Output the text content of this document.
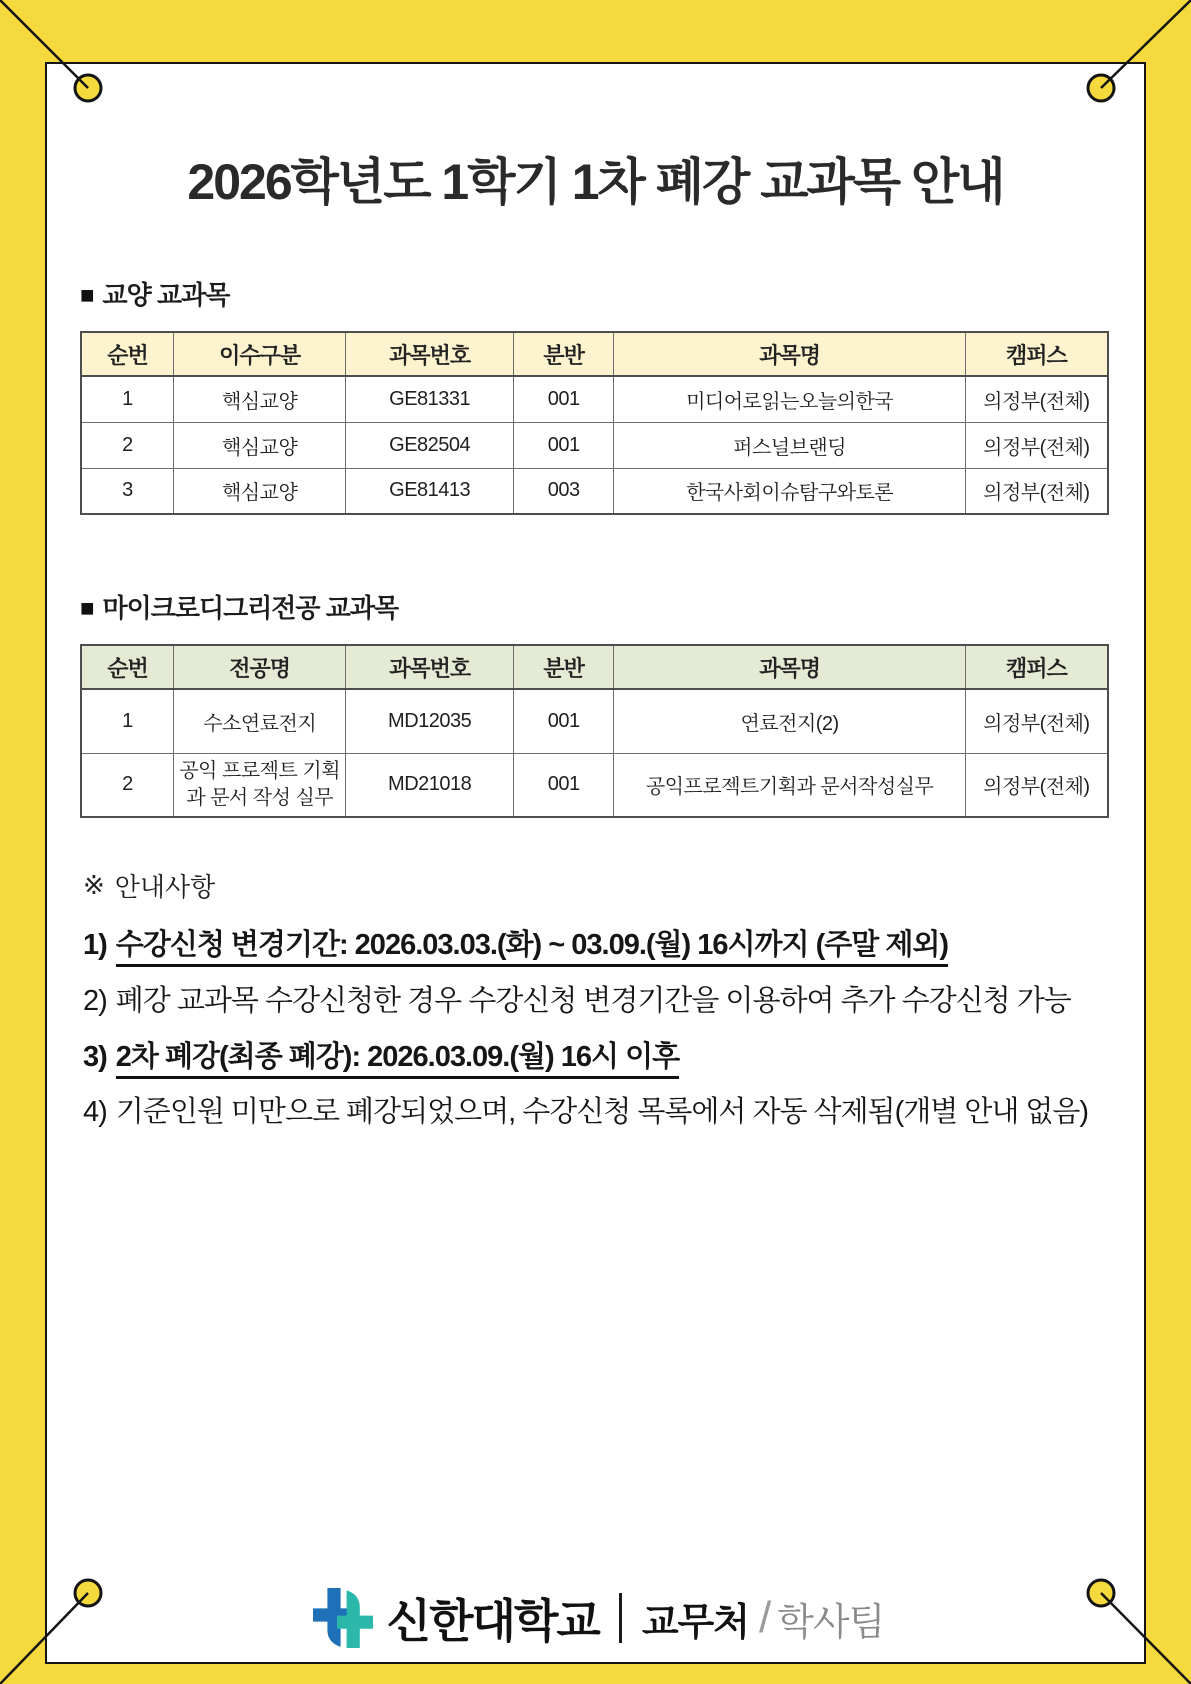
2026학년도 1학기 1차 폐강 교과목 안내
■ 교양 교과목
순번	이수구분	과목번호	분반	과목명	캠퍼스
1	핵심교양	GE81331	001	미디어로읽는오늘의한국	의정부(전체)
2	핵심교양	GE82504	001	퍼스널브랜딩	의정부(전체)
3	핵심교양	GE81413	003	한국사회이슈탐구와토론	의정부(전체)
■ 마이크로디그리전공 교과목
순번	전공명	과목번호	분반	과목명	캠퍼스
1	수소연료전지	MD12035	001	연료전지(2)	의정부(전체)
2	공익 프로젝트 기획과 문서 작성 실무	MD21018	001	공익프로젝트기획과 문서작성실무	의정부(전체)
※ 안내사항
1) 수강신청 변경기간: 2026.03.03.(화) ~ 03.09.(월) 16시까지 (주말 제외)
2) 폐강 교과목 수강신청한 경우 수강신청 변경기간을 이용하여 추가 수강신청 가능
3) 2차 폐강(최종 폐강): 2026.03.09.(월) 16시 이후
4) 기준인원 미만으로 폐강되었으며, 수강신청 목록에서 자동 삭제됨(개별 안내 없음)
신한대학교 교무처 / 학사팀
